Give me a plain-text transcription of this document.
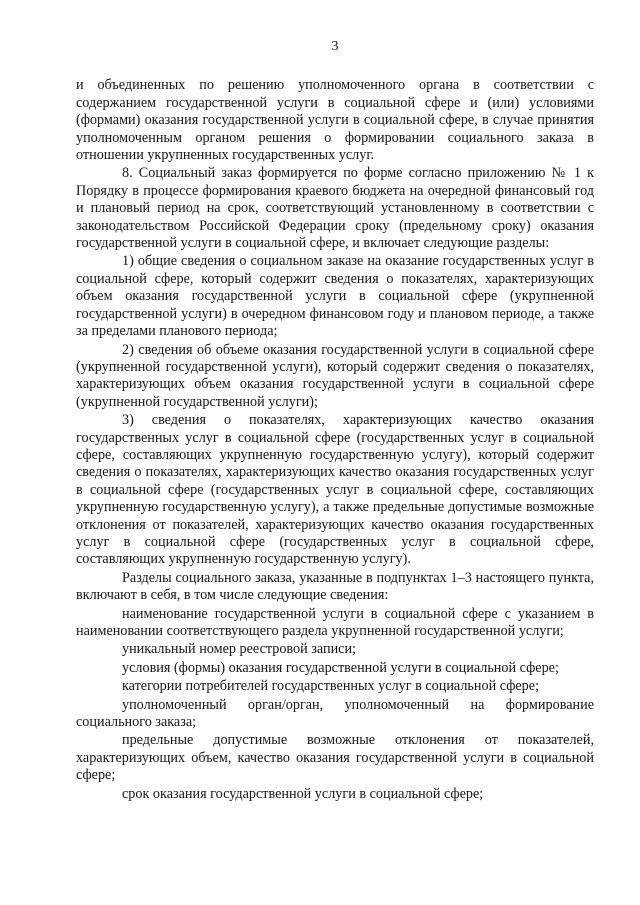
3

и объединенных по решению уполномоченного органа в соответствии с содержанием государственной услуги в социальной сфере и (или) условиями (формами) оказания государственной услуги в социальной сфере, в случае принятия уполномоченным органом решения о формировании социального заказа в отношении укрупненных государственных услуг.

8. Социальный заказ формируется по форме согласно приложению № 1 к Порядку в процессе формирования краевого бюджета на очередной финансовый год и плановый период на срок, соответствующий установленному в соответствии с законодательством Российской Федерации сроку (предельному сроку) оказания государственной услуги в социальной сфере, и включает следующие разделы:

1) общие сведения о социальном заказе на оказание государственных услуг в социальной сфере, который содержит сведения о показателях, характеризующих объем оказания государственной услуги в социальной сфере (укрупненной государственной услуги) в очередном финансовом году и плановом периоде, а также за пределами планового периода;

2) сведения об объеме оказания государственной услуги в социальной сфере (укрупненной государственной услуги), который содержит сведения о показателях, характеризующих объем оказания государственной услуги в социальной сфере (укрупненной государственной услуги);

3) сведения о показателях, характеризующих качество оказания государственных услуг в социальной сфере (государственных услуг в социальной сфере, составляющих укрупненную государственную услугу), который содержит сведения о показателях, характеризующих качество оказания государственных услуг в социальной сфере (государственных услуг в социальной сфере, составляющих укрупненную государственную услугу), а также предельные допустимые возможные отклонения от показателей, характеризующих качество оказания государственных услуг в социальной сфере (государственных услуг в социальной сфере, составляющих укрупненную государственную услугу).

Разделы социального заказа, указанные в подпунктах 1–3 настоящего пункта, включают в себя, в том числе следующие сведения:

наименование государственной услуги в социальной сфере с указанием в наименовании соответствующего раздела укрупненной государственной услуги;

уникальный номер реестровой записи;

условия (формы) оказания государственной услуги в социальной сфере;

категории потребителей государственных услуг в социальной сфере;

уполномоченный орган/орган, уполномоченный на формирование социального заказа;

предельные допустимые возможные отклонения от показателей, характеризующих объем, качество оказания государственной услуги в социальной сфере;

срок оказания государственной услуги в социальной сфере;
